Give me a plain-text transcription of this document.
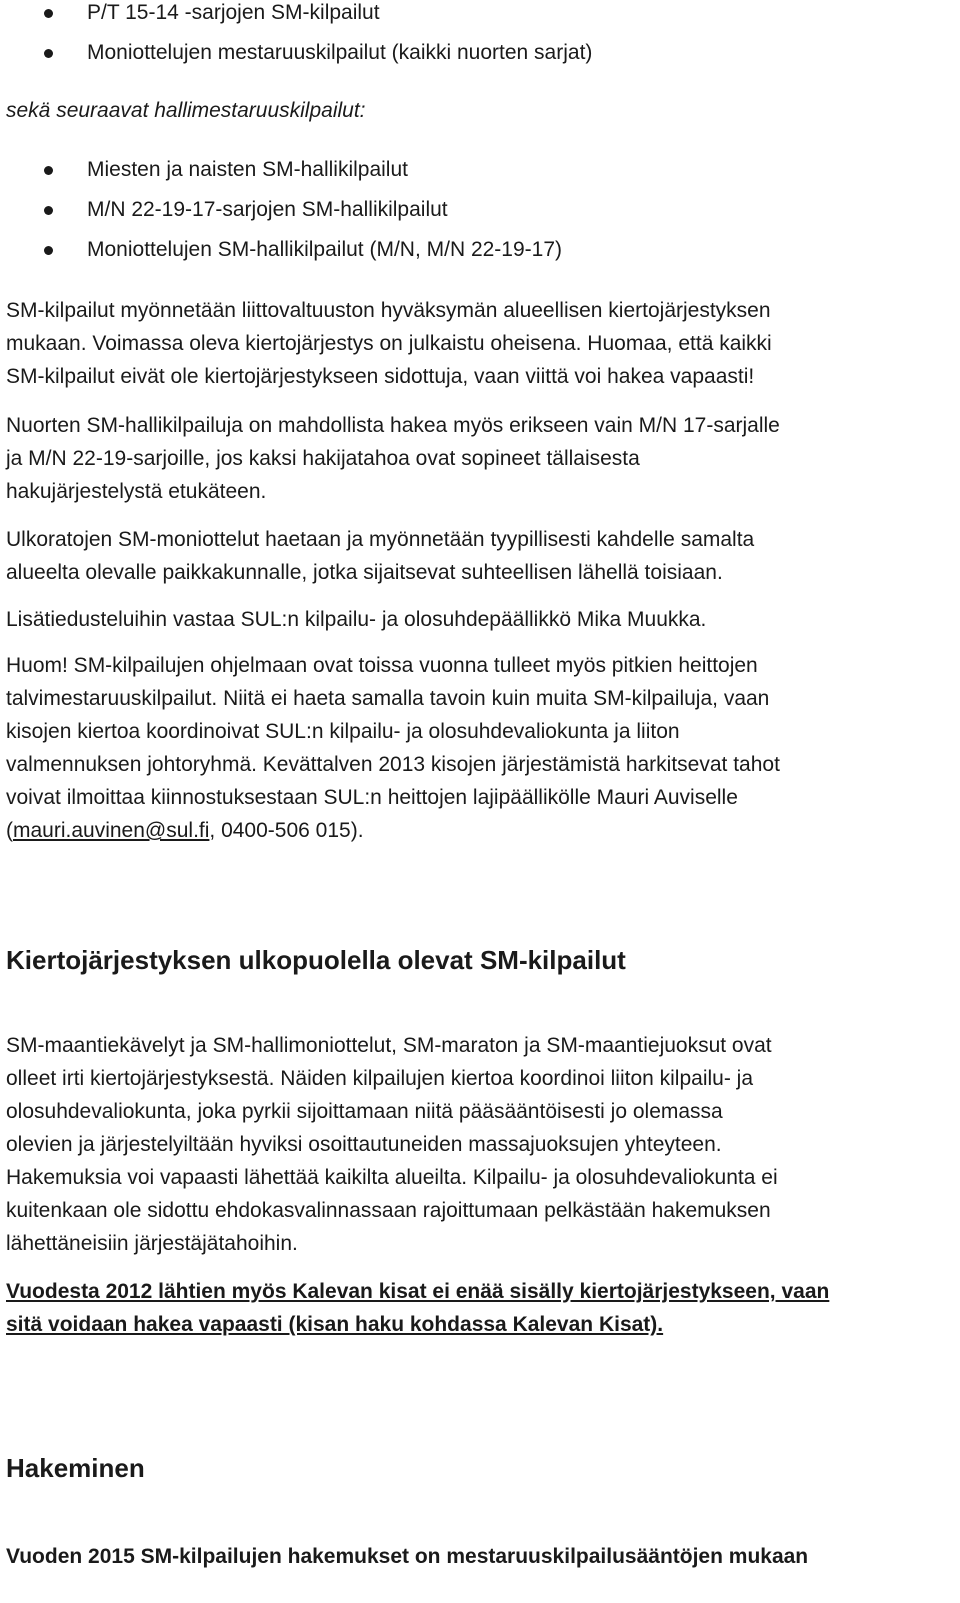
P/T 15-14 -sarjojen SM-kilpailut
Moniottelujen mestaruuskilpailut (kaikki nuorten sarjat)
sekä seuraavat hallimestaruuskilpailut:
Miesten ja naisten SM-hallikilpailut
M/N 22-19-17-sarjojen SM-hallikilpailut
Moniottelujen SM-hallikilpailut (M/N, M/N 22-19-17)

SM-kilpailut myönnetään liittovaltuuston hyväksymän alueellisen kiertojärjestyksen
mukaan. Voimassa oleva kiertojärjestys on julkaistu oheisena. Huomaa, että kaikki
SM-kilpailut eivät ole kiertojärjestykseen sidottuja, vaan viittä voi hakea vapaasti!

Nuorten SM-hallikilpailuja on mahdollista hakea myös erikseen vain M/N 17-sarjalle
ja M/N 22-19-sarjoille, jos kaksi hakijatahoa ovat sopineet tällaisesta
hakujärjestelystä etukäteen.

Ulkoratojen SM-moniottelut haetaan ja myönnetään tyypillisesti kahdelle samalta
alueelta olevalle paikkakunnalle, jotka sijaitsevat suhteellisen lähellä toisiaan.

Lisätiedusteluihin vastaa SUL:n kilpailu- ja olosuhdepäällikkö Mika Muukka.

Huom! SM-kilpailujen ohjelmaan ovat toissa vuonna tulleet myös pitkien heittojen
talvimestaruuskilpailut. Niitä ei haeta samalla tavoin kuin muita SM-kilpailuja, vaan
kisojen kiertoa koordinoivat SUL:n kilpailu- ja olosuhdevaliokunta ja liiton
valmennuksen johtoryhmä. Kevättalven 2013 kisojen järjestämistä harkitsevat tahot
voivat ilmoittaa kiinnostuksestaan SUL:n heittojen lajipäällikölle Mauri Auviselle
(mauri.auvinen@sul.fi, 0400-506 015).

Kiertojärjestyksen ulkopuolella olevat SM-kilpailut

SM-maantiekävelyt ja SM-hallimoniottelut, SM-maraton ja SM-maantiejuoksut ovat
olleet irti kiertojärjestyksestä. Näiden kilpailujen kiertoa koordinoi liiton kilpailu- ja
olosuhdevaliokunta, joka pyrkii sijoittamaan niitä pääsääntöisesti jo olemassa
olevien ja järjestelyiltään hyviksi osoittautuneiden massajuoksujen yhteyteen.
Hakemuksia voi vapaasti lähettää kaikilta alueilta. Kilpailu- ja olosuhdevaliokunta ei
kuitenkaan ole sidottu ehdokasvalinnassaan rajoittumaan pelkästään hakemuksen
lähettäneisiin järjestäjätahoihin.

Vuodesta 2012 lähtien myös Kalevan kisat ei enää sisälly kiertojärjestykseen, vaan
sitä voidaan hakea vapaasti (kisan haku kohdassa Kalevan Kisat).

Hakeminen

Vuoden 2015 SM-kilpailujen hakemukset on mestaruuskilpailusääntöjen mukaan
